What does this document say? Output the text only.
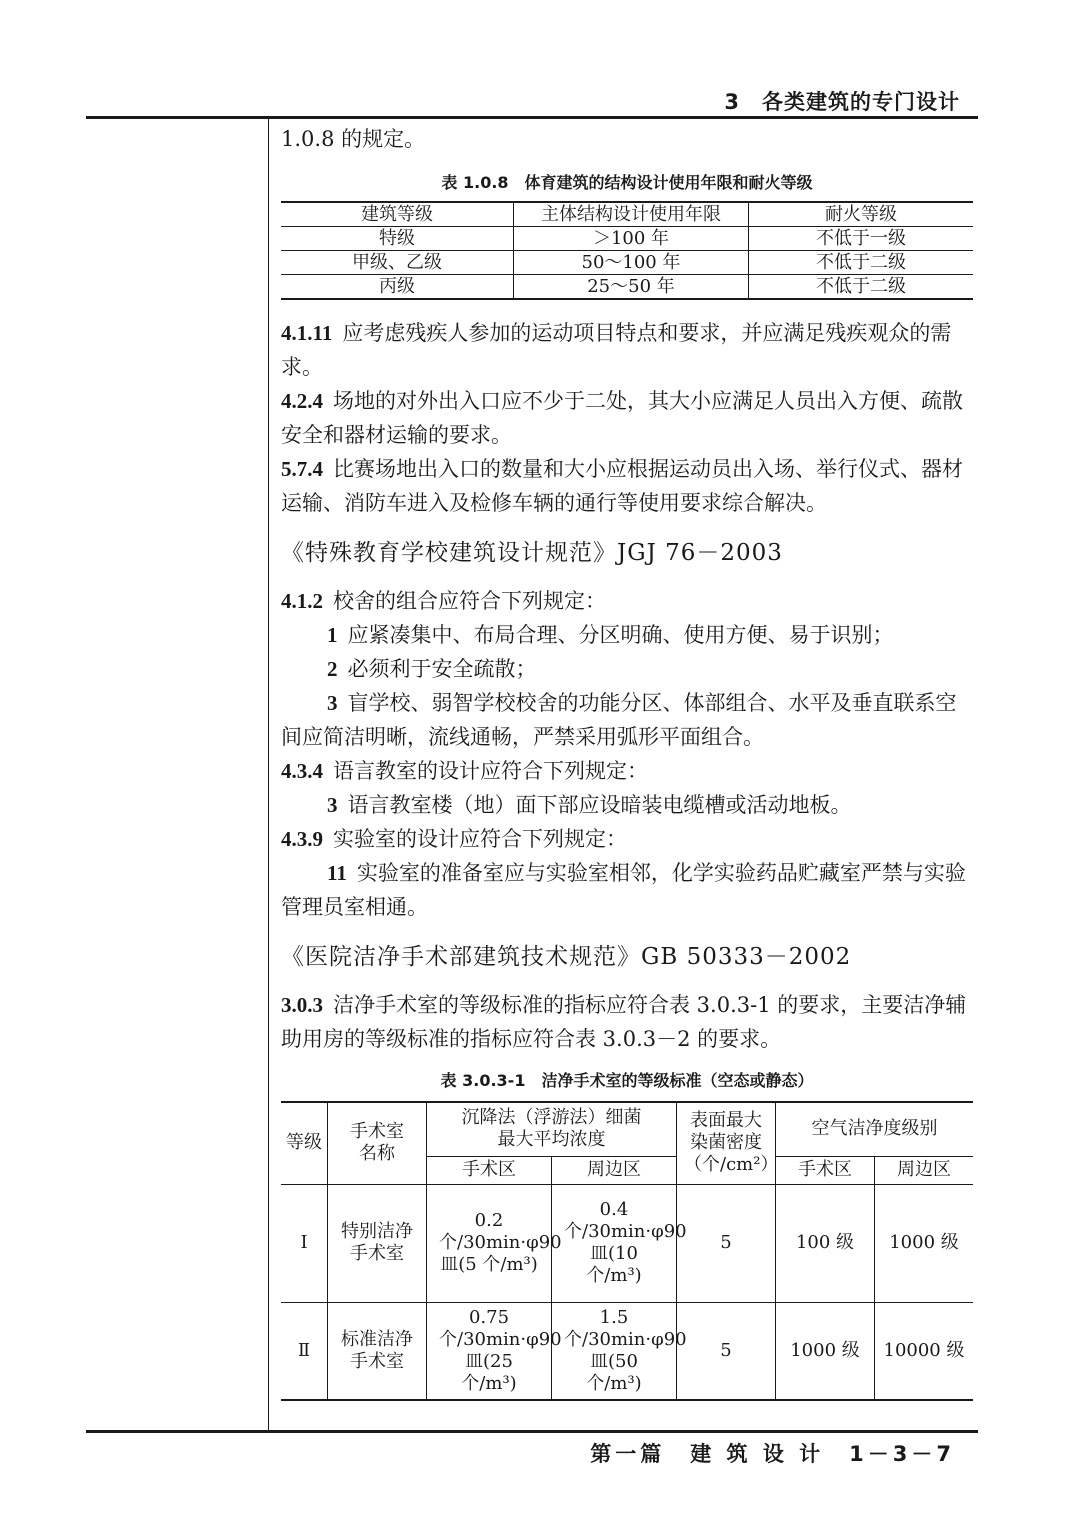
3 各类建筑的专门设计

1.0.8 的规定。

表 1.0.8　体育建筑的结构设计使用年限和耐火等级
建筑等级	主体结构设计使用年限	耐火等级
特级	＞100 年	不低于一级
甲级、乙级	50～100 年	不低于二级
丙级	25～50 年	不低于二级

4.1.11 应考虑残疾人参加的运动项目特点和要求，并应满足残疾观众的需求。

4.2.4 场地的对外出入口应不少于二处，其大小应满足人员出入方便、疏散安全和器材运输的要求。

5.7.4 比赛场地出入口的数量和大小应根据运动员出入场、举行仪式、器材运输、消防车进入及检修车辆的通行等使用要求综合解决。

《特殊教育学校建筑设计规范》JGJ 76－2003

4.1.2 校舍的组合应符合下列规定：

1 应紧凑集中、布局合理、分区明确、使用方便、易于识别；

2 必须利于安全疏散；

3 盲学校、弱智学校校舍的功能分区、体部组合、水平及垂直联系空间应简洁明晰，流线通畅，严禁采用弧形平面组合。

4.3.4 语言教室的设计应符合下列规定：

3 语言教室楼（地）面下部应设暗装电缆槽或活动地板。

4.3.9 实验室的设计应符合下列规定：

11 实验室的准备室应与实验室相邻，化学实验药品贮藏室严禁与实验管理员室相通。

《医院洁净手术部建筑技术规范》GB 50333－2002

3.0.3 洁净手术室的等级标准的指标应符合表 3.0.3-1 的要求，主要洁净辅助用房的等级标准的指标应符合表 3.0.3－2 的要求。

表 3.0.3-1　洁净手术室的等级标准（空态或静态）
等级	手术室名称	沉降法（浮游法）细菌最大平均浓度		表面最大染菌密度（个/cm²）	空气洁净度级别	
		手术区	周边区		手术区	周边区
Ⅰ	特别洁净手术室	0.2 个/30min·φ90 皿(5 个/m³)	0.4 个/30min·φ90 皿(10 个/m³)	5	100 级	1000 级
Ⅱ	标准洁净手术室	0.75 个/30min·φ90 皿(25 个/m³)	1.5 个/30min·φ90 皿(50 个/m³)	5	1000 级	10000 级
第一篇　建 筑 设 计　1－3－7
